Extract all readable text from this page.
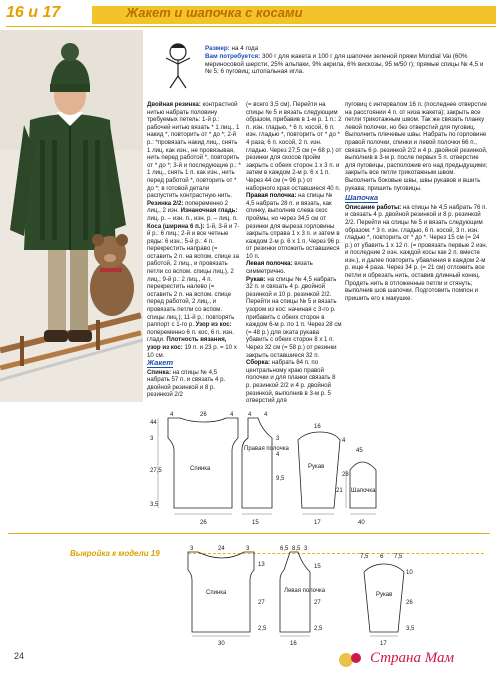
16 и 17	Жакет и шапочка с косами
Размер: на 4 года
Вам потребуется: 300 г для жакета и 100 г для шапочки зеленой пряжи Mondial Vai (60% мериносовой шерсти, 25% альпаки, 9% акрила, 6% вискозы, 95 м/50 г); прямые спицы № 4,5 и № 5; 6 пуговиц; штопальная игла.
Двойная резинка: контрастной нитью набрать половину требуемых петель: 1-й р.: рабочей нитью вязать * 1 лиц., 1 накид *, повторить от * до *; 2-й р.: *провязать накид лиц., снять 1 лиц. как изн., не провязывая, нить перед работой *, повторить от * до *; 3-й и последующие р.: * 1 лиц., снять 1 п. как изн., нить перед работой *, повторить от * до *; в готовой детали распустить контрастную нить. Резинка 2/2: попеременно 2 лиц., 2 изн. Изнаночная гладь: лиц. р. – изн. п., изн. р. – лиц. п. Коса (ширина 6 п.): 1-й, 3-й и 7-й р.: 6 лиц.; 2-й и все четные ряды: 6 изн.; 5-й р.: 4 п. перекрестить направо (= оставить 2 п. на вспом. спице за работой, 2 лиц., и провязать петли со вспом. спицы лиц.), 2 лиц.; 9-й р.: 2 лиц., 4 п. перекрестить налево (= оставить 2 п. на вспом. спице перед работой, 2 лиц., и провязать петли со вспом. спицы лиц.); 11-й р.: повторять раппорт с 1-го р. Узор из кос: попеременно 6 п. кос, 6 п. изн. глади. Плотность вязания, узор из кос: 19 п. и 23 р. = 10 х 10 см.
Жакет
Спинка: на спицы № 4,5 набрать 57 п. и связать 4 р. двойной резинкой и 8 р. резинкой 2/2
(= всего 3,5 см). Перейти на спицы № 5 и вязать следующим образом, прибавив в 1-м р. 1 п.: 2 п. изн. гладью, * 6 п. косой, 6 п. изн. гладью *, повторить от * до * 4 раза, 6 п. косой, 2 п. изн. гладью. Через 27,5 см (= 68 р.) от резинки для скосов пройм закрыть с обеих сторон 1 х 3 п. и затем в каждом 2-м р. 6 х 1 п. Через 44 см (= 96 р.) от наборного края оставшиеся 40 п.
Правая полочка: на спицы № 4,5 набрать 28 п. и вязать, как спинку, выполнив слева скос проймы, но через 34,5 см от резинки для выреза горловины закрыть справа 1 х 3 п. и затем в каждом 2-м р. 6 х 1 п. Через 96 р. от резинки отложить оставшиеся 10 п.
Левая полочка: вязать симметрично.
Рукав: на спицы № 4,5 набрать 32 п. и связать 4 р. двойной резинкой и 10 р. резинкой 2/2. Перейти на спицы № 5 и вязать узором из кос: начиная с 3-го р. прибавить с обеих сторон в каждом 6-м р. по 1 п. Через 28 см (= 48 р.) для оката рукава убавить с обеих сторон 8 х 1 п. Через 32 см (= 58 р.) от резинки закрыть оставшиеся 32 п.
Сборка: набрать 84 п. по центральному краю правой полочки и для планки связать 8 р. резинкой 2/2 и 4 р. двойной резинкой, выполнив в 3-м р. 5 отверстий для
пуговиц с интервалом 16 п. (последнее отверстие на расстоянии 4 п. от низа жакета); закрыть все петли трикотажным швом. Так же связать планку левой полочки, но без отверстий для пуговиц. Выполнить плечевые швы. Набрать по горловине правой полочки, спинки и левой полочки 66 п., связать 6 р. резинкой 2/2 и 4 р. двойной резинкой, выполнив в 3-м р. после первых 5 п. отверстие для пуговицы, расположив его над предыдущими; закрыть все петли трикотажным швом. Выполнить боковые швы, швы рукавов и вшить рукава; пришить пуговицы.
Шапочка
Описание работы: на спицы № 4,5 набрать 76 п. и связать 4 р. двойной резинкой и 8 р. резинкой 2/2. Перейти на спицы № 5 и вязать следующим образом: * 3 п. изн. гладью, 6 п. косой, 3 п. изн. гладью *, повторить от * до *. Через 15 см (= 24 р.) от убавить 1 х 12 п. (= провязать первые 2 изн. и последние 2 изн. каждой косы как 2 п. вместе изн.), и далее повторить убавления в каждом 2-м р. еще 4 раза. Через 34 р. (= 21 см) отложить все петли и обрезать нить, оставив длинный конец. Продеть нить в отложенные петли и стянуть; выполнив шов шапочки. Подготовить помпон и пришить его к макушке.
Спинка
Правая полочка
Рукав
Шапочка
4	26	4
44
3
27,5
3,5
26
4 4
3
4
9,5
15
16
4
28
17
45
21
40
Выкройка к модели 19
Спинка	Левая полочка
Рукав
3	24	3
13
27
2,5
30
6,5 8,5 3
15
27
2,5
16
7,5 6 7,5
10
26
3,5
17
24	Страна Мам
